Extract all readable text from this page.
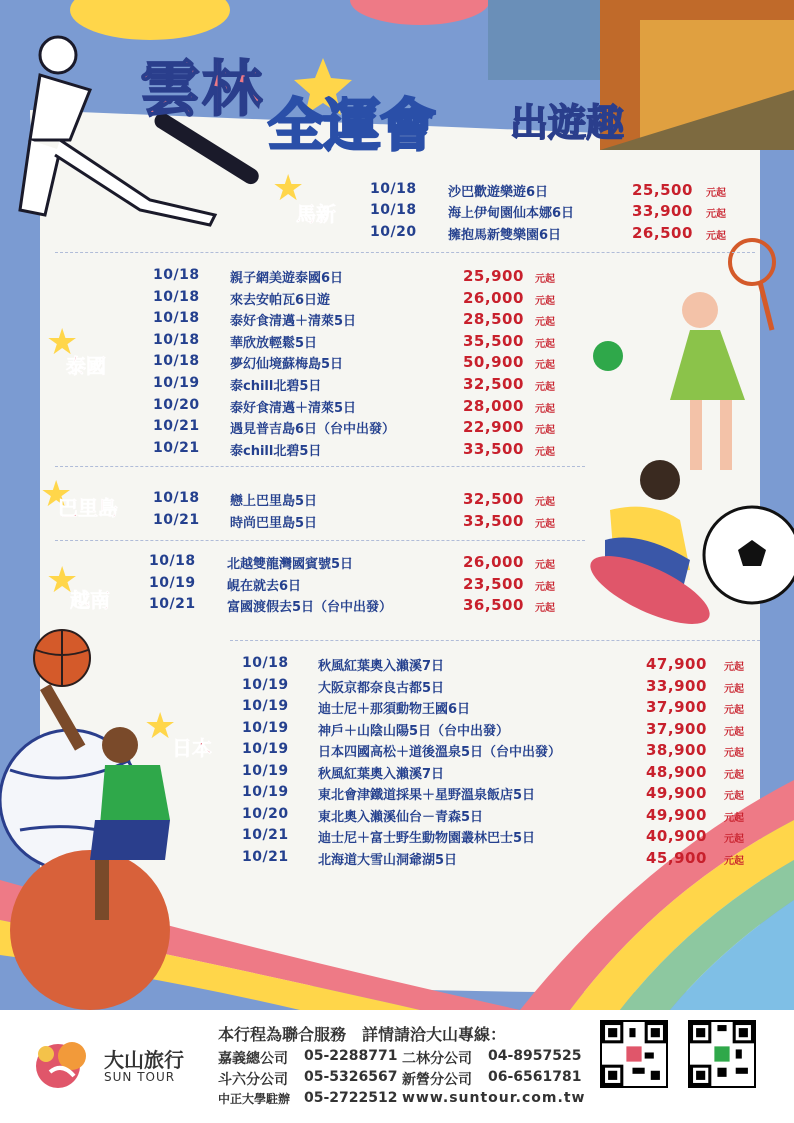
雲林
全運會 出遊趣
★
馬新
★
泰國
★
巴里島
★
越南
★
日本
10/18 沙巴歡遊樂遊6日	25,500 元起
10/18 海上伊甸園仙本娜6日	33,900 元起
10/20 擁抱馬新雙樂園6日	26,500 元起
10/18 親子網美遊泰國6日	25,900 元起
10/18 來去安帕瓦6日遊	26,000 元起
10/18 泰好食清邁＋清萊5日	28,500 元起
10/18 華欣放輕鬆5日	35,500 元起
10/18 夢幻仙境蘇梅島5日	50,900 元起
10/19 泰chill北碧5日	32,500 元起
10/20 泰好食清邁＋清萊5日	28,000 元起
10/21 遇見普吉島6日（台中出發）	22,900 元起
10/21 泰chill北碧5日	33,500 元起
10/18 戀上巴里島5日	32,500 元起
10/21 時尚巴里島5日	33,500 元起
10/18 北越雙龍灣國賓號5日	26,000 元起
10/19 峴在就去6日	23,500 元起
10/21 富國渡假去5日（台中出發）	36,500 元起
10/18 秋風紅葉奧入瀨溪7日	47,900 元起
10/19 大阪京都奈良古都5日	33,900 元起
10/19 迪士尼＋那須動物王國6日	37,900 元起
10/19 神戶＋山陰山陽5日（台中出發）	37,900 元起
10/19 日本四國高松＋道後溫泉5日（台中出發）	38,900 元起
10/19 秋風紅葉奧入瀨溪7日	48,900 元起
10/19 東北會津鐵道採果＋星野溫泉飯店5日	49,900 元起
10/20 東北奧入瀨溪仙台－青森5日	49,900 元起
10/21 迪士尼＋富士野生動物園叢林巴士5日	40,900 元起
10/21 北海道大雪山洞爺湖5日	45,900 元起
大山旅行
SUN TOUR
本行程為聯合服務　詳情請洽大山專線：
嘉義總公司 05-2288771 二林分公司 04-8957525
斗六分公司 05-5326567 新營分公司 06-6561781
中正大學駐辦 05-2722512 www.suntour.com.tw
